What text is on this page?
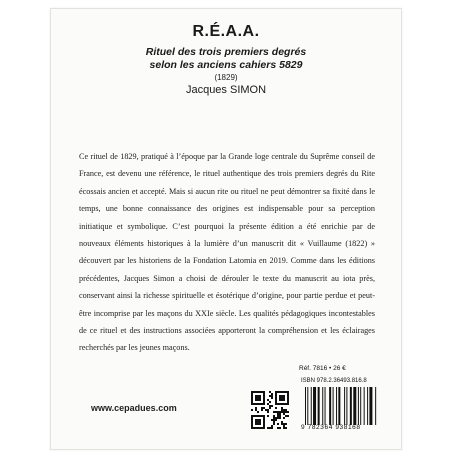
R.É.A.A.
Rituel des trois premiers degrés
selon les anciens cahiers 5829
(1829)
Jacques SIMON

Ce rituel de 1829, pratiqué à l’époque par la Grande loge centrale du Suprême conseil de France, est devenu une référence, le rituel authentique des trois premiers degrés du Rite écossais ancien et accepté. Mais si aucun rite ou rituel ne peut démontrer sa fixité dans le temps, une bonne connaissance des origines est indispensable pour sa perception initiatique et symbolique. C’est pourquoi la présente édition a été enrichie par de nouveaux éléments historiques à la lumière d’un manuscrit dit « Vuillaume (1822) » découvert par les historiens de la Fondation Latomia en 2019. Comme dans les éditions précédentes, Jacques Simon a choisi de dérouler le texte du manuscrit au iota près, conservant ainsi la richesse spirituelle et ésotérique d’origine, pour partie perdue et peut-être incomprise par les maçons du XXIe siècle. Les qualités pédagogiques incontestables de ce rituel et des instructions associées apporteront la compréhension et les éclairages recherchés par les jeunes maçons.

Réf. 7816 • 26 €
ISBN 978.2.36493.816.8
9 782364 938168
www.cepadues.com
